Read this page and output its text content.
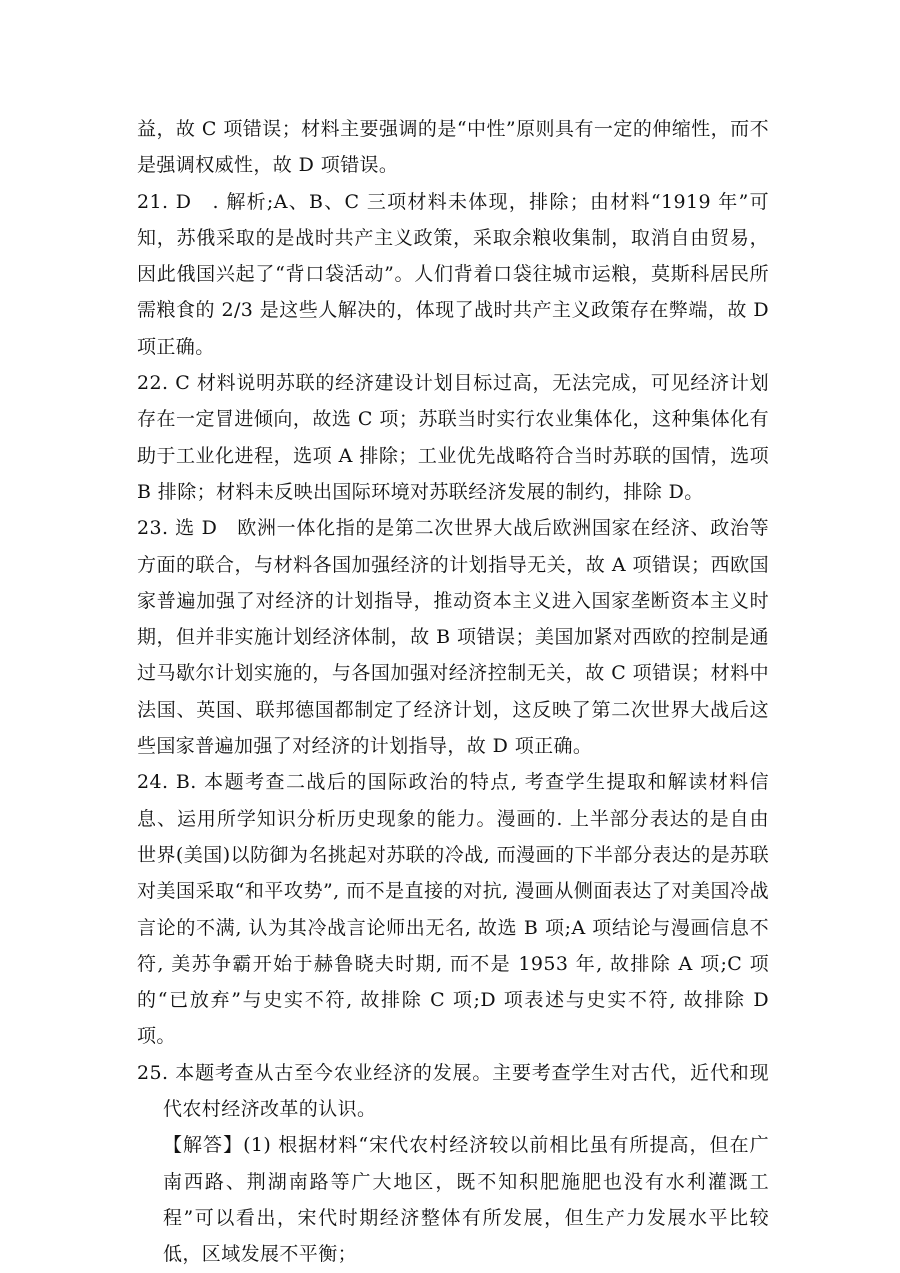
益，故 C 项错误；材料主要强调的是“中性”原则具有一定的伸缩性，而不是强调权威性，故 D 项错误。

21. D　. 解析;A、B、C 三项材料未体现，排除；由材料“1919 年”可知，苏俄采取的是战时共产主义政策，采取余粮收集制，取消自由贸易，因此俄国兴起了“背口袋活动”。人们背着口袋往城市运粮，莫斯科居民所需粮食的 2/3 是这些人解决的，体现了战时共产主义政策存在弊端，故 D 项正确。

22. C 材料说明苏联的经济建设计划目标过高，无法完成，可见经济计划存在一定冒进倾向，故选 C 项；苏联当时实行农业集体化，这种集体化有助于工业化进程，选项 A 排除；工业优先战略符合当时苏联的国情，选项 B 排除；材料未反映出国际环境对苏联经济发展的制约，排除 D。

23. 选 D　欧洲一体化指的是第二次世界大战后欧洲国家在经济、政治等方面的联合，与材料各国加强经济的计划指导无关，故 A 项错误；西欧国家普遍加强了对经济的计划指导，推动资本主义进入国家垄断资本主义时期，但并非实施计划经济体制，故 B 项错误；美国加紧对西欧的控制是通过马歇尔计划实施的，与各国加强对经济控制无关，故 C 项错误；材料中法国、英国、联邦德国都制定了经济计划，这反映了第二次世界大战后这些国家普遍加强了对经济的计划指导，故 D 项正确。

24. B. 本题考查二战后的国际政治的特点, 考查学生提取和解读材料信息、运用所学知识分析历史现象的能力。漫画的. 上半部分表达的是自由世界(美国)以防御为名挑起对苏联的冷战, 而漫画的下半部分表达的是苏联对美国采取“和平攻势”, 而不是直接的对抗, 漫画从侧面表达了对美国冷战言论的不满, 认为其冷战言论师出无名, 故选 B 项;A 项结论与漫画信息不符, 美苏争霸开始于赫鲁晓夫时期, 而不是 1953 年, 故排除 A 项;C 项的“已放弃”与史实不符, 故排除 C 项;D 项表述与史实不符, 故排除 D 项。

25. 本题考查从古至今农业经济的发展。主要考查学生对古代，近代和现代农村经济改革的认识。

【解答】(1) 根据材料“宋代农村经济较以前相比虽有所提高，但在广南西路、荆湖南路等广大地区，既不知积肥施肥也没有水利灌溉工程”可以看出，宋代时期经济整体有所发展，但生产力发展水平比较低，区域发展不平衡；
